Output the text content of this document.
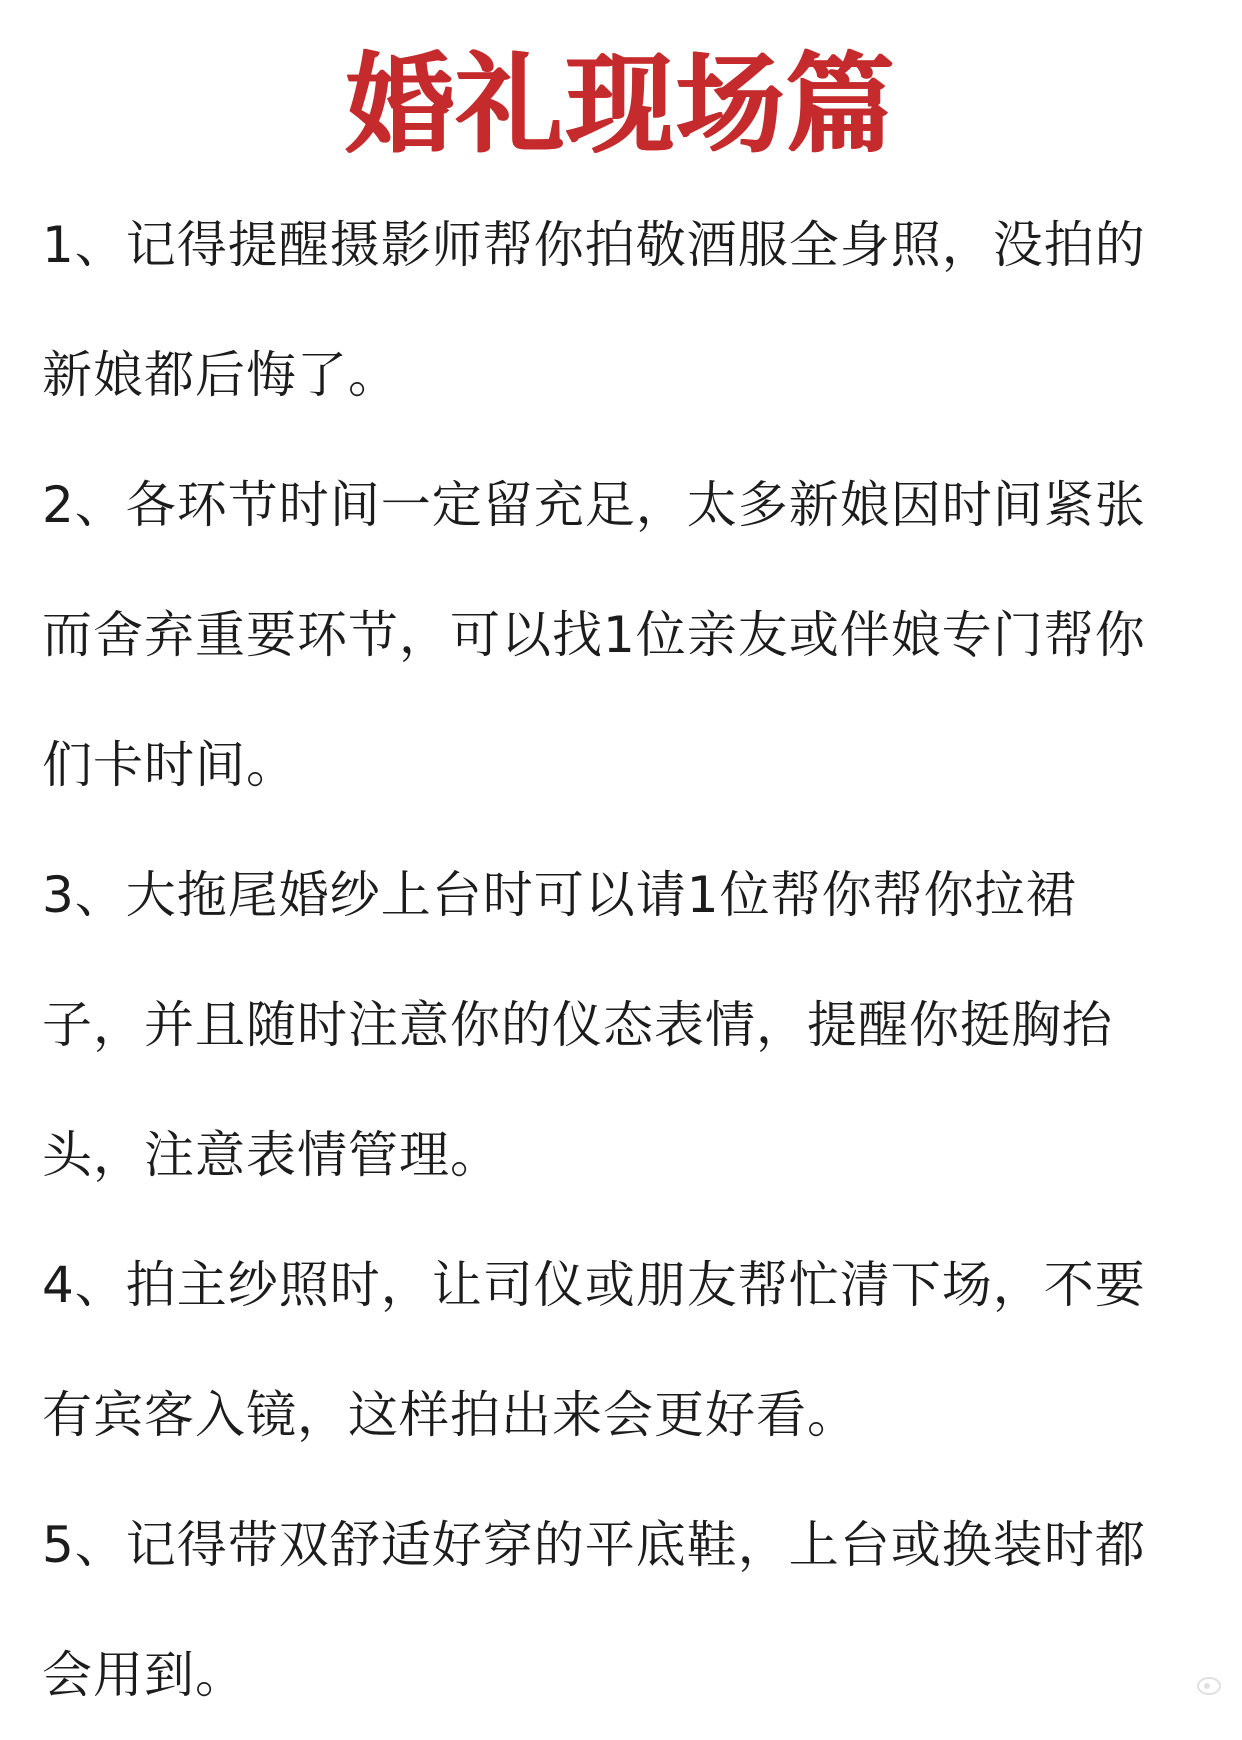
婚礼现场篇
1、记得提醒摄影师帮你拍敬酒服全身照，没拍的
新娘都后悔了。
2、各环节时间一定留充足，太多新娘因时间紧张
而舍弃重要环节，可以找1位亲友或伴娘专门帮你
们卡时间。
3、大拖尾婚纱上台时可以请1位帮你帮你拉裙
子，并且随时注意你的仪态表情，提醒你挺胸抬
头，注意表情管理。
4、拍主纱照时，让司仪或朋友帮忙清下场，不要
有宾客入镜，这样拍出来会更好看。
5、记得带双舒适好穿的平底鞋，上台或换装时都
会用到。
